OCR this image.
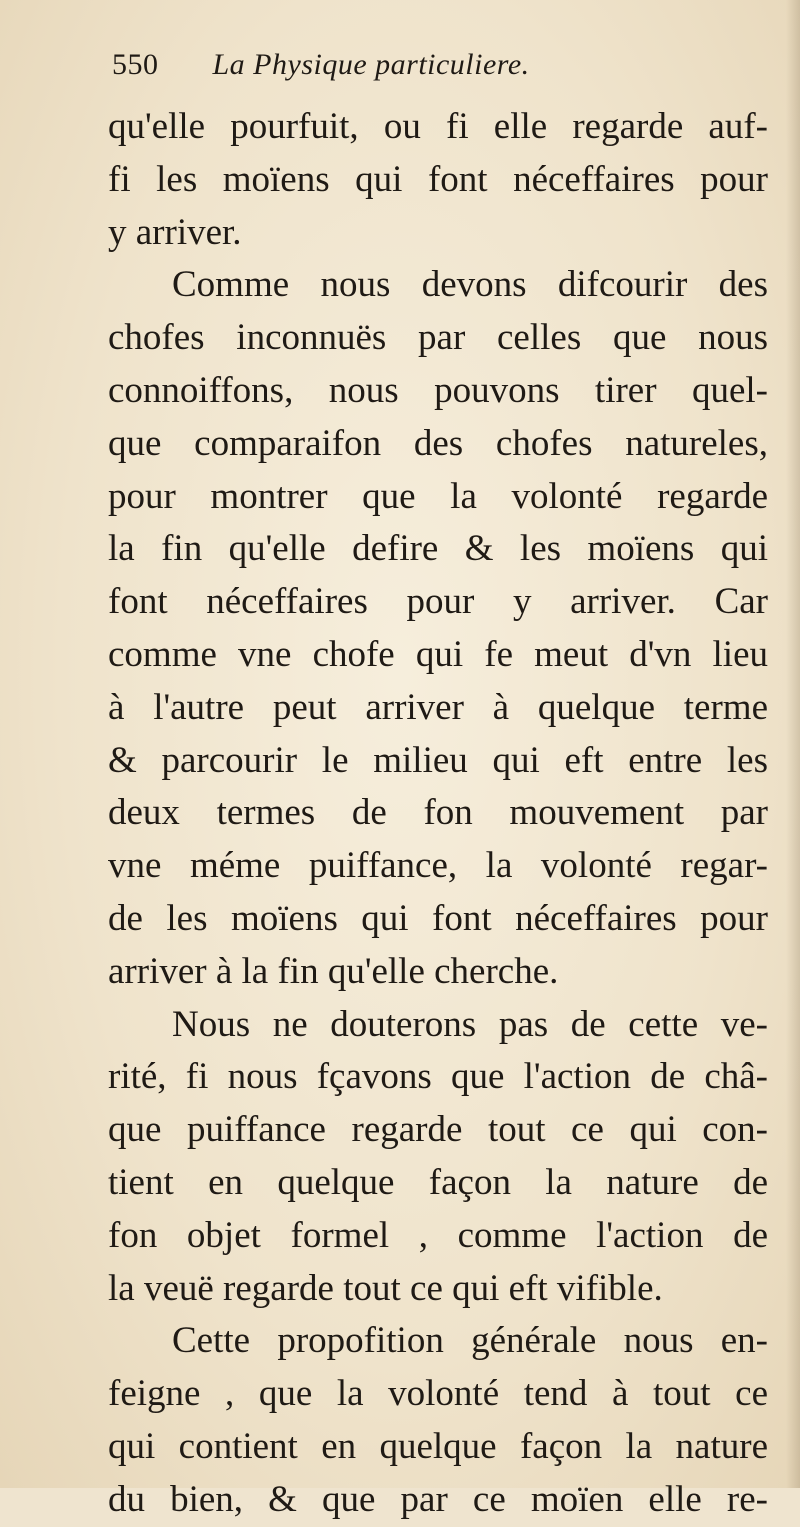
550 La Physique particuliere.
qu'elle pourfuit, ou fi elle regarde auf-
fi les moïens qui font néceffaires pour
y arriver.
Comme nous devons difcourir des
chofes inconnuës par celles que nous
connoiffons, nous pouvons tirer quel-
que comparaifon des chofes natureles,
pour montrer que la volonté regarde
la fin qu'elle defire & les moïens qui
font néceffaires pour y arriver. Car
comme vne chofe qui fe meut d'vn lieu
à l'autre peut arriver à quelque terme
& parcourir le milieu qui eft entre les
deux termes de fon mouvement par
vne méme puiffance, la volonté regar-
de les moïens qui font néceffaires pour
arriver à la fin qu'elle cherche.
Nous ne douterons pas de cette ve-
rité, fi nous fçavons que l'action de châ-
que puiffance regarde tout ce qui con-
tient en quelque façon la nature de
fon objet formel , comme l'action de
la veuë regarde tout ce qui eft vifible.
Cette propofition générale nous en-
feigne , que la volonté tend à tout ce
qui contient en quelque façon la nature
du bien, & que par ce moïen elle re-
